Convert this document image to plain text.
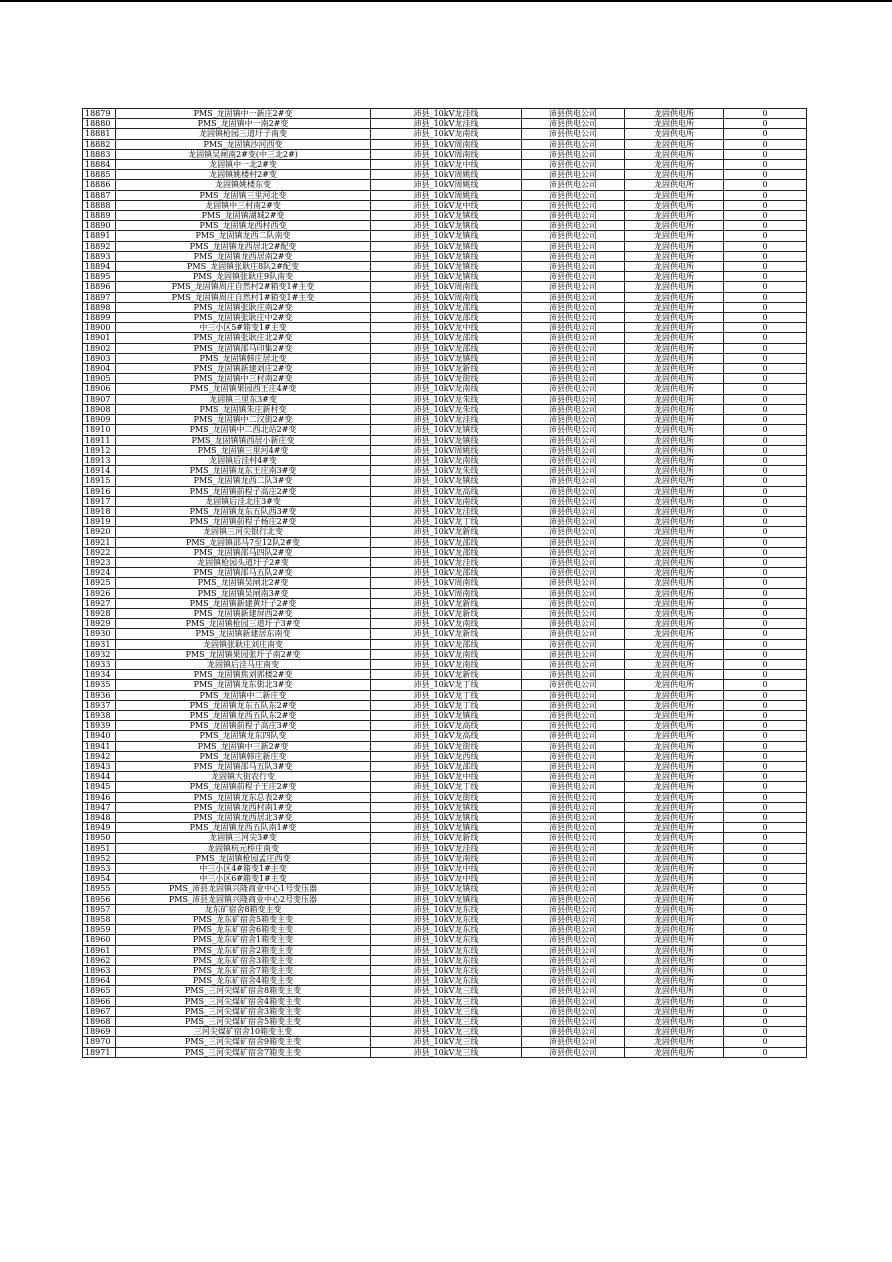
18879	PMS_龙固镇中一新庄2#变	沛县_10kV龙洼线	沛县供电公司	龙固供电所	0
18880	PMS_龙固镇中一南2#变	沛县_10kV龙洼线	沛县供电公司	龙固供电所	0
18881	龙固镇枪园三道圩子南变	沛县_10kV龙南线	沛县供电公司	龙固供电所	0
18882	PMS_龙固镇沙河西变	沛县_10kV周南线	沛县供电公司	龙固供电所	0
18883	龙固镇吴闸南2#变(中三北2#)	沛县_10kV周南线	沛县供电公司	龙固供电所	0
18884	龙固镇中一北2#变	沛县_10kV龙中线	沛县供电公司	龙固供电所	0
18885	龙固镇姚楼村2#变	沛县_10kV周姚线	沛县供电公司	龙固供电所	0
18886	龙固镇姚楼东变	沛县_10kV周姚线	沛县供电公司	龙固供电所	0
18887	PMS_龙固镇三里河北变	沛县_10kV周姚线	沛县供电公司	龙固供电所	0
18888	龙固镇中三村南2#变	沛县_10kV龙中线	沛县供电公司	龙固供电所	0
18889	PMS_龙固镇湖城2#变	沛县_10kV龙镇线	沛县供电公司	龙固供电所	0
18890	PMS_龙固镇龙西村西变	沛县_10kV龙镇线	沛县供电公司	龙固供电所	0
18891	PMS_龙固镇龙西二队南变	沛县_10kV龙镇线	沛县供电公司	龙固供电所	0
18892	PMS_龙固镇龙西居北2#配变	沛县_10kV龙镇线	沛县供电公司	龙固供电所	0
18893	PMS_龙固镇龙西居南2#变	沛县_10kV龙镇线	沛县供电公司	龙固供电所	0
18894	PMS_龙固镇张耿庄8队2#配变	沛县_10kV龙镇线	沛县供电公司	龙固供电所	0
18895	PMS_龙固镇张耿庄9队南变	沛县_10kV龙镇线	沛县供电公司	龙固供电所	0
18896	PMS_龙固镇周庄自然村2#箱变1#主变	沛县_10kV周南线	沛县供电公司	龙固供电所	0
18897	PMS_龙固镇周庄自然村1#箱变1#主变	沛县_10kV周南线	沛县供电公司	龙固供电所	0
18898	PMS_龙固镇张耿庄南2#变	沛县_10kV龙邵线	沛县供电公司	龙固供电所	0
18899	PMS_龙固镇张耿庄中2#变	沛县_10kV龙邵线	沛县供电公司	龙固供电所	0
18900	中三小区5#箱变1#主变	沛县_10kV龙中线	沛县供电公司	龙固供电所	0
18901	PMS_龙固镇张耿庄北2#变	沛县_10kV龙邵线	沛县供电公司	龙固供电所	0
18902	PMS_龙固镇邵马印集2#变	沛县_10kV龙邵线	沛县供电公司	龙固供电所	0
18903	PMS_龙固镇韩庄居北变	沛县_10kV龙镇线	沛县供电公司	龙固供电所	0
18904	PMS_龙固镇新建刘庄2#变	沛县_10kV龙新线	沛县供电公司	龙固供电所	0
18905	PMS_龙固镇中三村南2#变	沛县_10kV龙街线	沛县供电公司	龙固供电所	0
18906	PMS_龙固镇果园西王庄4#变	沛县_10kV龙南线	沛县供电公司	龙固供电所	0
18907	龙固镇三里东3#变	沛县_10kV龙朱线	沛县供电公司	龙固供电所	0
18908	PMS_龙固镇朱庄新村变	沛县_10kV龙朱线	沛县供电公司	龙固供电所	0
18909	PMS_龙固镇中二汉街2#变	沛县_10kV龙洼线	沛县供电公司	龙固供电所	0
18910	PMS_龙固镇中二西北站2#变	沛县_10kV龙镇线	沛县供电公司	龙固供电所	0
18911	PMS_龙固镇镇西居小新庄变	沛县_10kV龙镇线	沛县供电公司	龙固供电所	0
18912	PMS_龙固镇三里河4#变	沛县_10kV周姚线	沛县供电公司	龙固供电所	0
18913	龙固镇后洼村4#变	沛县_10kV龙南线	沛县供电公司	龙固供电所	0
18914	PMS_龙固镇龙东王庄南3#变	沛县_10kV龙朱线	沛县供电公司	龙固供电所	0
18915	PMS_龙固镇龙西二队3#变	沛县_10kV龙镇线	沛县供电公司	龙固供电所	0
18916	PMS_龙固镇前程子高庄2#变	沛县_10kV龙高线	沛县供电公司	龙固供电所	0
18917	龙固镇后洼北庄3#变	沛县_10kV龙南线	沛县供电公司	龙固供电所	0
18918	PMS_龙固镇龙东五队西3#变	沛县_10kV龙洼线	沛县供电公司	龙固供电所	0
18919	PMS_龙固镇前程子杨庄2#变	沛县_10kV龙丁线	沛县供电公司	龙固供电所	0
18920	龙固镇三河尖银行北变	沛县_10kV龙新线	沛县供电公司	龙固供电所	0
18921	PMS_龙固镇邵马7至12队2#变	沛县_10kV龙邵线	沛县供电公司	龙固供电所	0
18922	PMS_龙固镇邵马四队2#变	沛县_10kV龙邵线	沛县供电公司	龙固供电所	0
18923	龙固镇枪园头道圩子2#变	沛县_10kV龙洼线	沛县供电公司	龙固供电所	0
18924	PMS_龙固镇邵马五队2#变	沛县_10kV龙邵线	沛县供电公司	龙固供电所	0
18925	PMS_龙固镇吴闸北2#变	沛县_10kV周南线	沛县供电公司	龙固供电所	0
18926	PMS_龙固镇吴闸南3#变	沛县_10kV周南线	沛县供电公司	龙固供电所	0
18927	PMS_龙固镇新建黄圩子2#变	沛县_10kV龙新线	沛县供电公司	龙固供电所	0
18928	PMS_龙固镇新建屏西2#变	沛县_10kV龙新线	沛县供电公司	龙固供电所	0
18929	PMS_龙固镇枪园三道圩子3#变	沛县_10kV龙南线	沛县供电公司	龙固供电所	0
18930	PMS_龙固镇新建居东南变	沛县_10kV龙新线	沛县供电公司	龙固供电所	0
18931	龙固镇张耿庄刘庄南变	沛县_10kV龙邵线	沛县供电公司	龙固供电所	0
18932	PMS_龙固镇果园张圩子南2#变	沛县_10kV龙南线	沛县供电公司	龙固供电所	0
18933	龙固镇后洼马庄南变	沛县_10kV龙南线	沛县供电公司	龙固供电所	0
18934	PMS_龙固镇焦刘郭楼2#变	沛县_10kV龙新线	沛县供电公司	龙固供电所	0
18935	PMS_龙固镇龙东街北3#变	沛县_10kV龙丁线	沛县供电公司	龙固供电所	0
18936	PMS_龙固镇中二新庄变	沛县_10kV龙丁线	沛县供电公司	龙固供电所	0
18937	PMS_龙固镇龙东五队东2#变	沛县_10kV龙丁线	沛县供电公司	龙固供电所	0
18938	PMS_龙固镇龙西五队东2#变	沛县_10kV龙镇线	沛县供电公司	龙固供电所	0
18939	PMS_龙固镇前程子高庄3#变	沛县_10kV龙高线	沛县供电公司	龙固供电所	0
18940	PMS_龙固镇龙东四队变	沛县_10kV龙高线	沛县供电公司	龙固供电所	0
18941	PMS_龙固镇中三新2#变	沛县_10kV龙街线	沛县供电公司	龙固供电所	0
18942	PMS_龙固镇韩庄新庄变	沛县_10kV龙西线	沛县供电公司	龙固供电所	0
18943	PMS_龙固镇邵马五队3#变	沛县_10kV龙邵线	沛县供电公司	龙固供电所	0
18944	龙固镇大街农行变	沛县_10kV龙中线	沛县供电公司	龙固供电所	0
18945	PMS_龙固镇前程子王庄2#变	沛县_10kV龙丁线	沛县供电公司	龙固供电所	0
18946	PMS_龙固镇龙东总表2#变	沛县_10kV龙街线	沛县供电公司	龙固供电所	0
18947	PMS_龙固镇龙西村南1#变	沛县_10kV龙镇线	沛县供电公司	龙固供电所	0
18948	PMS_龙固镇龙西居北3#变	沛县_10kV龙镇线	沛县供电公司	龙固供电所	0
18949	PMS_龙固镇龙西五队南1#变	沛县_10kV龙镇线	沛县供电公司	龙固供电所	0
18950	龙固镇三河尖3#变	沛县_10kV龙新线	沛县供电公司	龙固供电所	0
18951	龙固镇杭元桥庄南变	沛县_10kV龙洼线	沛县供电公司	龙固供电所	0
18952	PMS_龙固镇枪园孟庄西变	沛县_10kV龙南线	沛县供电公司	龙固供电所	0
18953	中三小区4#箱变1#主变	沛县_10kV龙中线	沛县供电公司	龙固供电所	0
18954	中三小区6#箱变1#主变	沛县_10kV龙中线	沛县供电公司	龙固供电所	0
18955	PMS_沛县龙固镇兴隆商业中心1号变压器	沛县_10kV龙镇线	沛县供电公司	龙固供电所	0
18956	PMS_沛县龙固镇兴隆商业中心2号变压器	沛县_10kV龙镇线	沛县供电公司	龙固供电所	0
18957	龙东矿宿舍8箱变主变	沛县_10kV龙东线	沛县供电公司	龙固供电所	0
18958	PMS_龙东矿宿舍5箱变主变	沛县_10kV龙东线	沛县供电公司	龙固供电所	0
18959	PMS_龙东矿宿舍6箱变主变	沛县_10kV龙东线	沛县供电公司	龙固供电所	0
18960	PMS_龙东矿宿舍1箱变主变	沛县_10kV龙东线	沛县供电公司	龙固供电所	0
18961	PMS_龙东矿宿舍2箱变主变	沛县_10kV龙东线	沛县供电公司	龙固供电所	0
18962	PMS_龙东矿宿舍3箱变主变	沛县_10kV龙东线	沛县供电公司	龙固供电所	0
18963	PMS_龙东矿宿舍7箱变主变	沛县_10kV龙东线	沛县供电公司	龙固供电所	0
18964	PMS_龙东矿宿舍4箱变主变	沛县_10kV龙东线	沛县供电公司	龙固供电所	0
18965	PMS_三河尖煤矿宿舍8箱变主变	沛县_10kV龙三线	沛县供电公司	龙固供电所	0
18966	PMS_三河尖煤矿宿舍4箱变主变	沛县_10kV龙三线	沛县供电公司	龙固供电所	0
18967	PMS_三河尖煤矿宿舍3箱变主变	沛县_10kV龙三线	沛县供电公司	龙固供电所	0
18968	PMS_三河尖煤矿宿舍5箱变主变	沛县_10kV龙三线	沛县供电公司	龙固供电所	0
18969	三河尖煤矿宿舍10箱变主变	沛县_10kV龙三线	沛县供电公司	龙固供电所	0
18970	PMS_三河尖煤矿宿舍9箱变主变	沛县_10kV龙三线	沛县供电公司	龙固供电所	0
18971	PMS_三河尖煤矿宿舍7箱变主变	沛县_10kV龙三线	沛县供电公司	龙固供电所	0
